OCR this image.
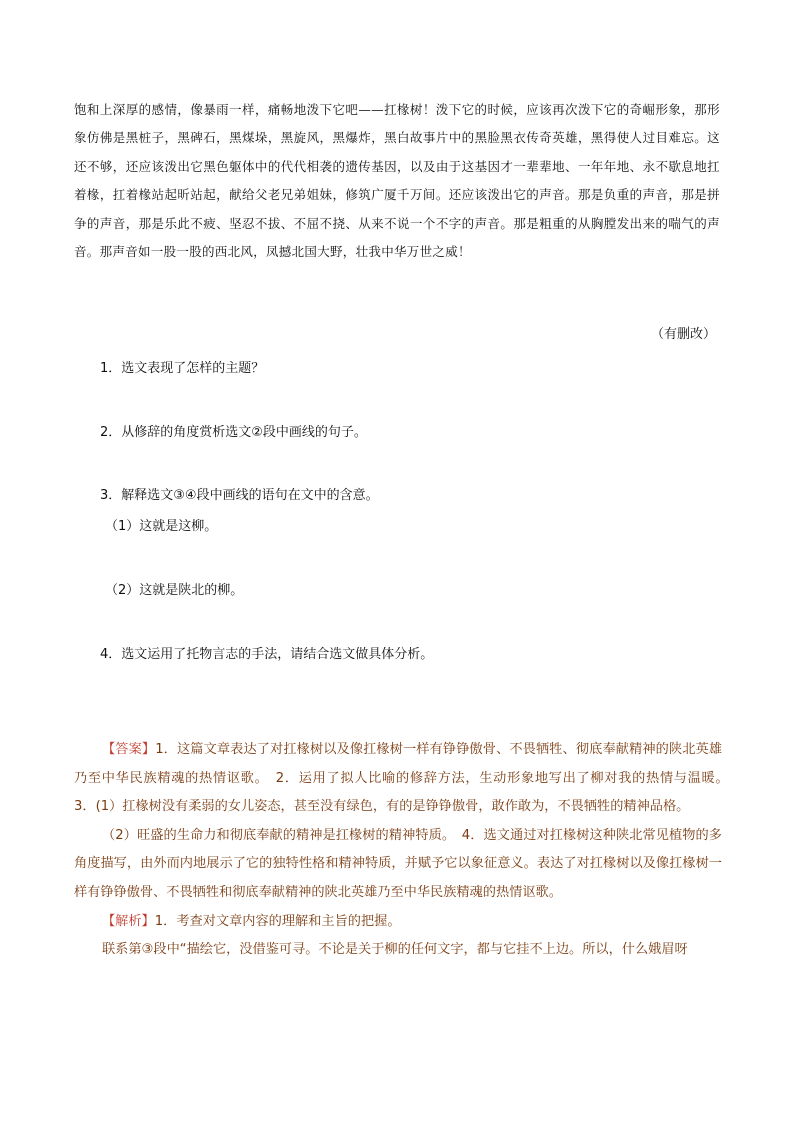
饱和上深厚的感情，像暴雨一样，痛畅地泼下它吧——扛椽树！泼下它的时候，应该再次泼下它的奇崛形象，那形象仿佛是黑桩子，黑碑石，黑煤垛，黑旋风，黑爆炸，黑白故事片中的黑脸黑衣传奇英雄，黑得使人过目难忘。这还不够，还应该泼出它黑色躯体中的代代相袭的遗传基因，以及由于这基因才一辈辈地、一年年地、永不歇息地扛着椽，扛着椽站起昕站起，献给父老兄弟姐妹，修筑广厦千万间。还应该泼出它的声音。那是负重的声音，那是拼争的声音，那是乐此不疲、坚忍不拔、不屈不挠、从来不说一个不字的声音。那是粗重的从胸膛发出来的喘气的声音。那声音如一股一股的西北风，凤撼北国大野，壮我中华万世之威！
（有删改）
1．选文表现了怎样的主题？
2．从修辞的角度赏析选文②段中画线的句子。
3．解释选文③④段中画线的语句在文中的含意。
（1）这就是这柳。
（2）这就是陕北的柳。
4．选文运用了托物言志的手法，请结合选文做具体分析。

【答案】1．这篇文章表达了对扛椽树以及像扛椽树一样有铮铮傲骨、不畏牺牲、彻底奉献精神的陕北英雄乃至中华民族精魂的热情讴歌。　2．运用了拟人比喻的修辞方法，生动形象地写出了柳对我的热情与温暖。　3．(1）扛椽树没有柔弱的女儿姿态，甚至没有绿色，有的是铮铮傲骨，敢作敢为，不畏牺牲的精神品格。

（2）旺盛的生命力和彻底奉献的精神是扛椽树的精神特质。　4．选文通过对扛椽树这种陕北常见植物的多角度描写，由外而内地展示了它的独特性格和精神特质，并赋予它以象征意义。表达了对扛椽树以及像扛椽树一样有铮铮傲骨、不畏牺牲和彻底奉献精神的陕北英雄乃至中华民族精魂的热情讴歌。

【解析】1．考查对文章内容的理解和主旨的把握。

联系第③段中“描绘它，没借鉴可寻。不论是关于柳的任何文字，都与它挂不上边。所以，什么娥眉呀
